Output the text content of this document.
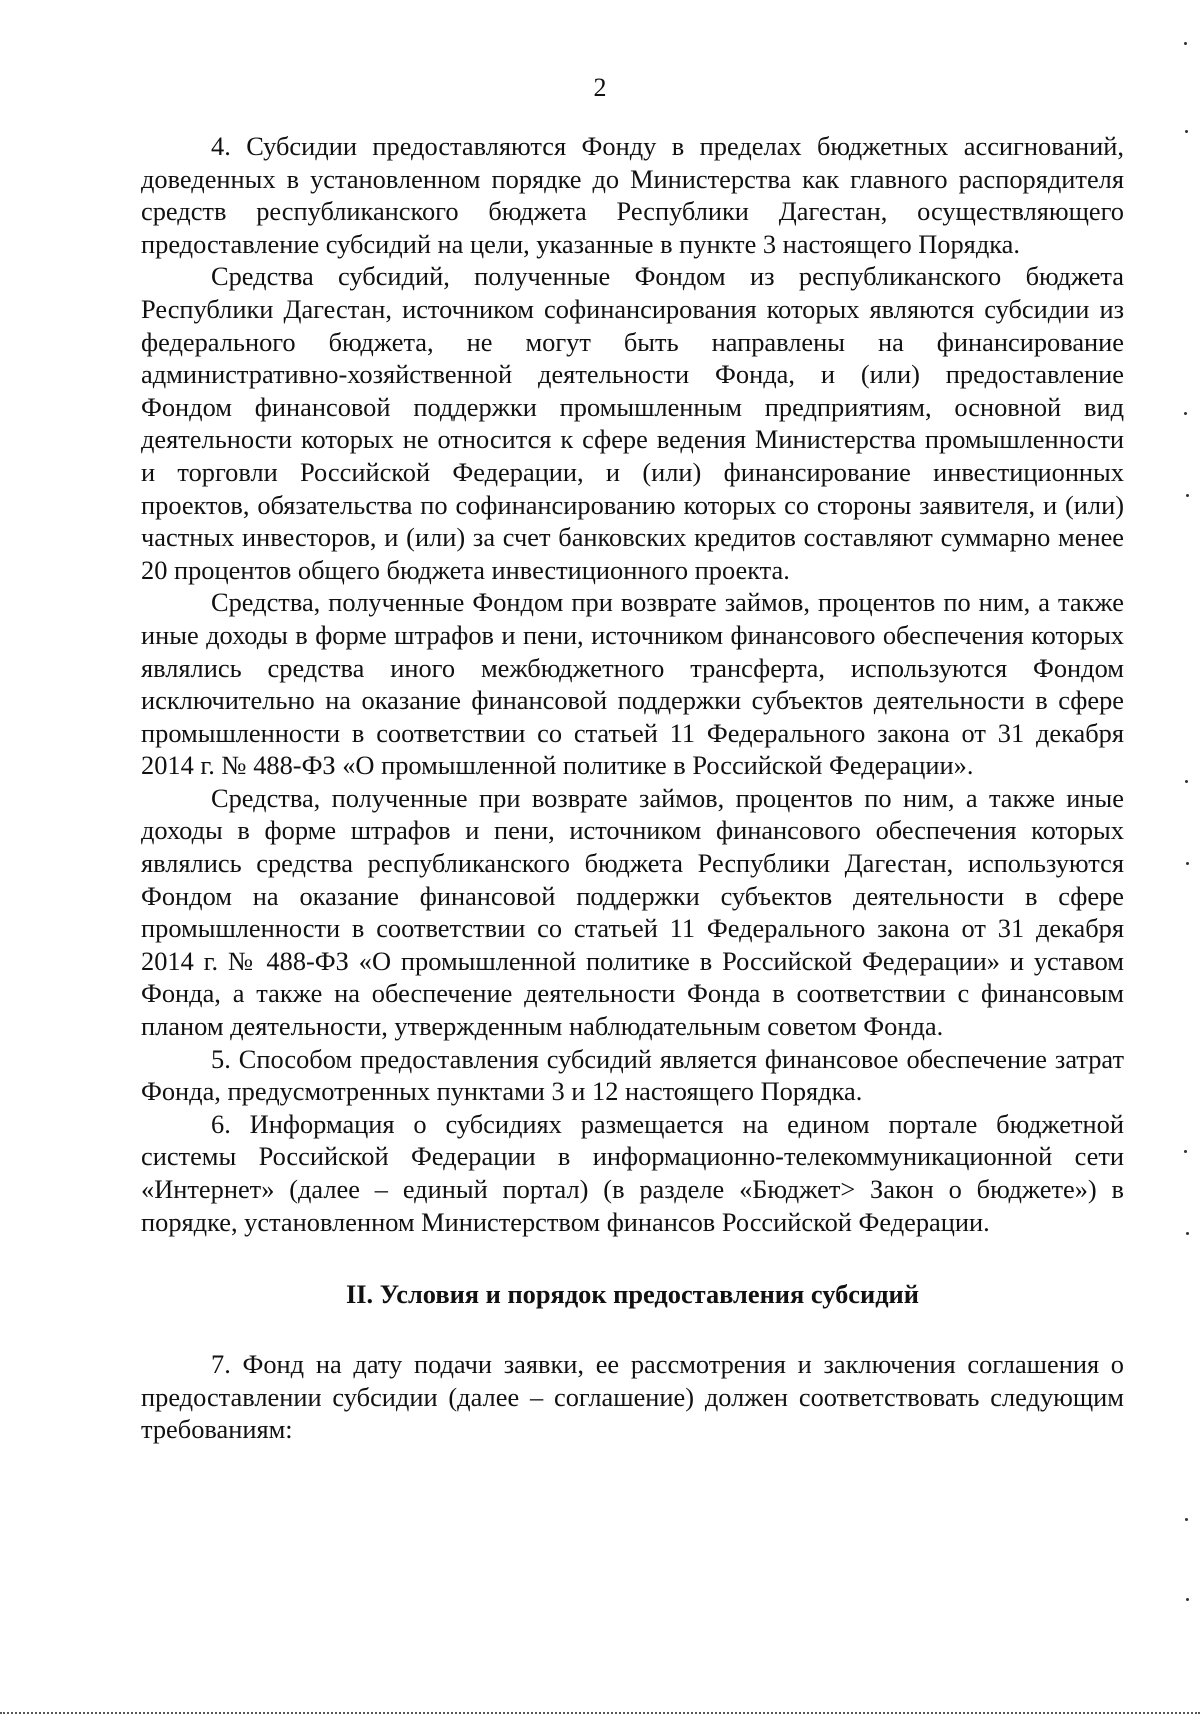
2

4. Субсидии предоставляются Фонду в пределах бюджетных ассигнований, доведенных в установленном порядке до Министерства как главного распорядителя средств республиканского бюджета Республики Дагестан, осуществляющего предоставление субсидий на цели, указанные в пункте 3 настоящего Порядка.

Средства субсидий, полученные Фондом из республиканского бюджета Республики Дагестан, источником софинансирования которых являются субсидии из федерального бюджета, не могут быть направлены на финансирование административно-хозяйственной деятельности Фонда, и (или) предоставление Фондом финансовой поддержки промышленным предприятиям, основной вид деятельности которых не относится к сфере ведения Министерства промышленности и торговли Российской Федерации, и (или) финансирование инвестиционных проектов, обязательства по софинансированию которых со стороны заявителя, и (или) частных инвесторов, и (или) за счет банковских кредитов составляют суммарно менее 20 процентов общего бюджета инвестиционного проекта.

Средства, полученные Фондом при возврате займов, процентов по ним, а также иные доходы в форме штрафов и пени, источником финансового обеспечения которых являлись средства иного межбюджетного трансферта, используются Фондом исключительно на оказание финансовой поддержки субъектов деятельности в сфере промышленности в соответствии со статьей 11 Федерального закона от 31 декабря 2014 г. № 488-ФЗ «О промышленной политике в Российской Федерации».

Средства, полученные при возврате займов, процентов по ним, а также иные доходы в форме штрафов и пени, источником финансового обеспечения которых являлись средства республиканского бюджета Республики Дагестан, используются Фондом на оказание финансовой поддержки субъектов деятельности в сфере промышленности в соответствии со статьей 11 Федерального закона от 31 декабря 2014 г. № 488-ФЗ «О промышленной политике в Российской Федерации» и уставом Фонда, а также на обеспечение деятельности Фонда в соответствии с финансовым планом деятельности, утвержденным наблюдательным советом Фонда.

5. Способом предоставления субсидий является финансовое обеспечение затрат Фонда, предусмотренных пунктами 3 и 12 настоящего Порядка.

6. Информация о субсидиях размещается на едином портале бюджетной системы Российской Федерации в информационно-телекоммуникационной сети «Интернет» (далее – единый портал) (в разделе «Бюджет> Закон о бюджете») в порядке, установленном Министерством финансов Российской Федерации.

II. Условия и порядок предоставления субсидий

7. Фонд на дату подачи заявки, ее рассмотрения и заключения соглашения о предоставлении субсидии (далее – соглашение) должен соответствовать следующим требованиям:
